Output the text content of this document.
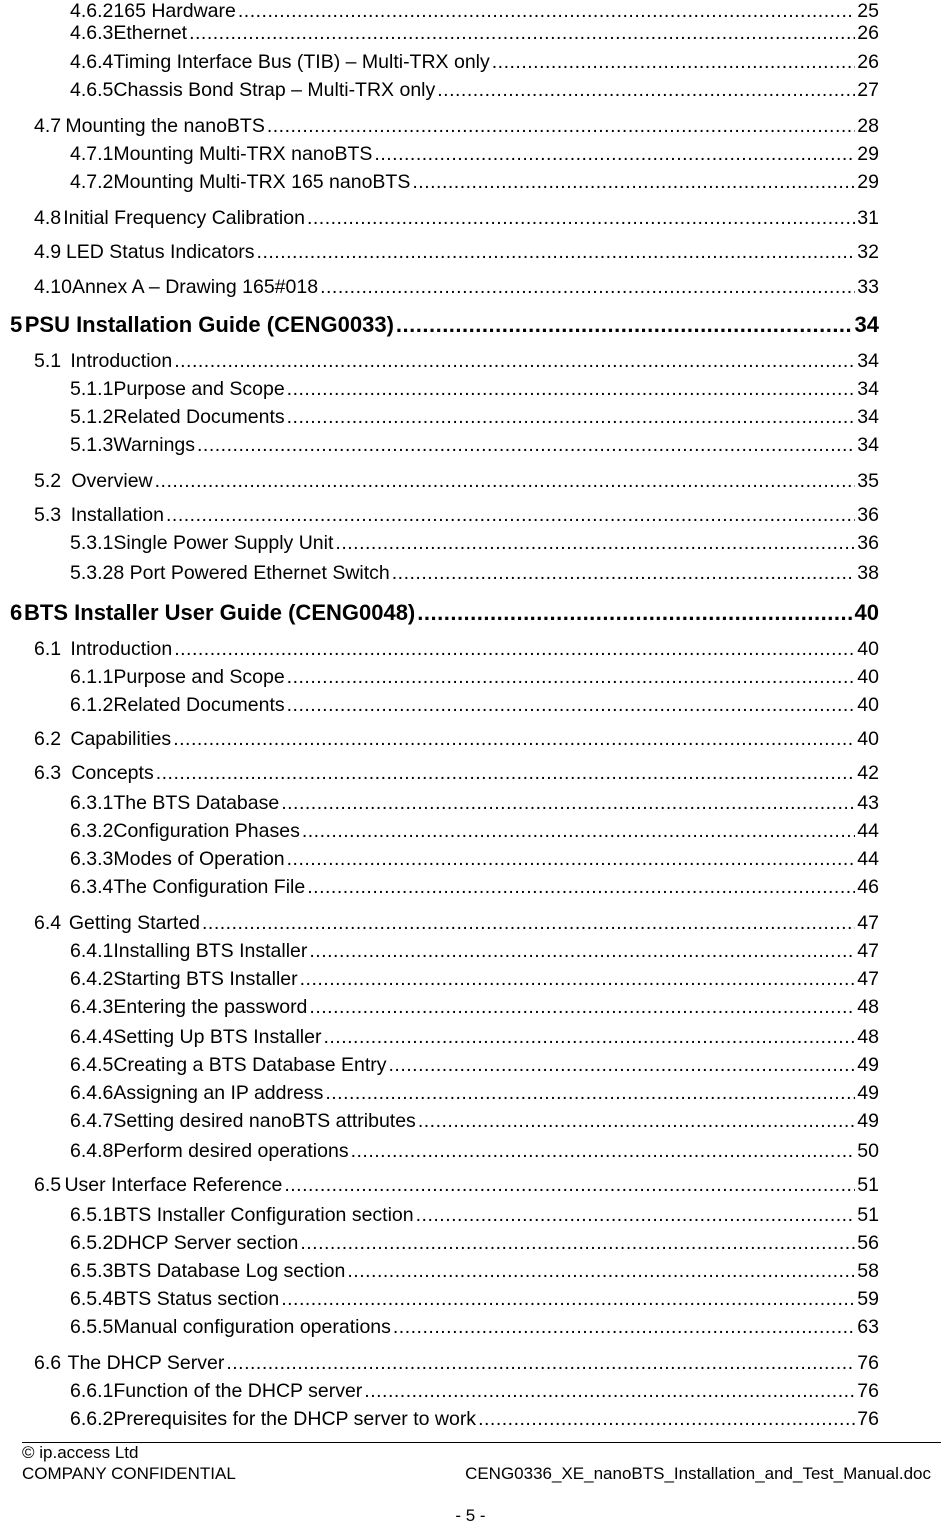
4.6.2 165 Hardware .....	25
4.6.3 Ethernet .....	26
4.6.4 Timing Interface Bus (TIB) – Multi-TRX only .....	26
4.6.5 Chassis Bond Strap – Multi-TRX only .....	27
4.7 Mounting the nanoBTS .....	28
4.7.1 Mounting Multi-TRX nanoBTS .....	29
4.7.2 Mounting Multi-TRX 165 nanoBTS .....	29
4.8 Initial Frequency Calibration .....	31
4.9 LED Status Indicators .....	32
4.10 Annex A – Drawing 165#018 .....	33
5 PSU Installation Guide (CENG0033) .....	34
5.1 Introduction .....	34
5.1.1 Purpose and Scope .....	34
5.1.2 Related Documents .....	34
5.1.3 Warnings .....	34
5.2 Overview .....	35
5.3 Installation .....	36
5.3.1 Single Power Supply Unit .....	36
5.3.2 8 Port Powered Ethernet Switch .....	38
6 BTS Installer User Guide (CENG0048) .....	40
6.1 Introduction .....	40
6.1.1 Purpose and Scope .....	40
6.1.2 Related Documents .....	40
6.2 Capabilities .....	40
6.3 Concepts .....	42
6.3.1 The BTS Database .....	43
6.3.2 Configuration Phases .....	44
6.3.3 Modes of Operation .....	44
6.3.4 The Configuration File .....	46
6.4 Getting Started .....	47
6.4.1 Installing BTS Installer .....	47
6.4.2 Starting BTS Installer .....	47
6.4.3 Entering the password .....	48
6.4.4 Setting Up BTS Installer .....	48
6.4.5 Creating a BTS Database Entry .....	49
6.4.6 Assigning an IP address .....	49
6.4.7 Setting desired nanoBTS attributes .....	49
6.4.8 Perform desired operations .....	50
6.5 User Interface Reference .....	51
6.5.1 BTS Installer Configuration section .....	51
6.5.2 DHCP Server section .....	56
6.5.3 BTS Database Log section .....	58
6.5.4 BTS Status section .....	59
6.5.5 Manual configuration operations .....	63
6.6 The DHCP Server .....	76
6.6.1 Function of the DHCP server .....	76
6.6.2 Prerequisites for the DHCP server to work .....	76
© ip.access Ltd
COMPANY CONFIDENTIAL	CENG0336_XE_nanoBTS_Installation_and_Test_Manual.doc
- 5 -
